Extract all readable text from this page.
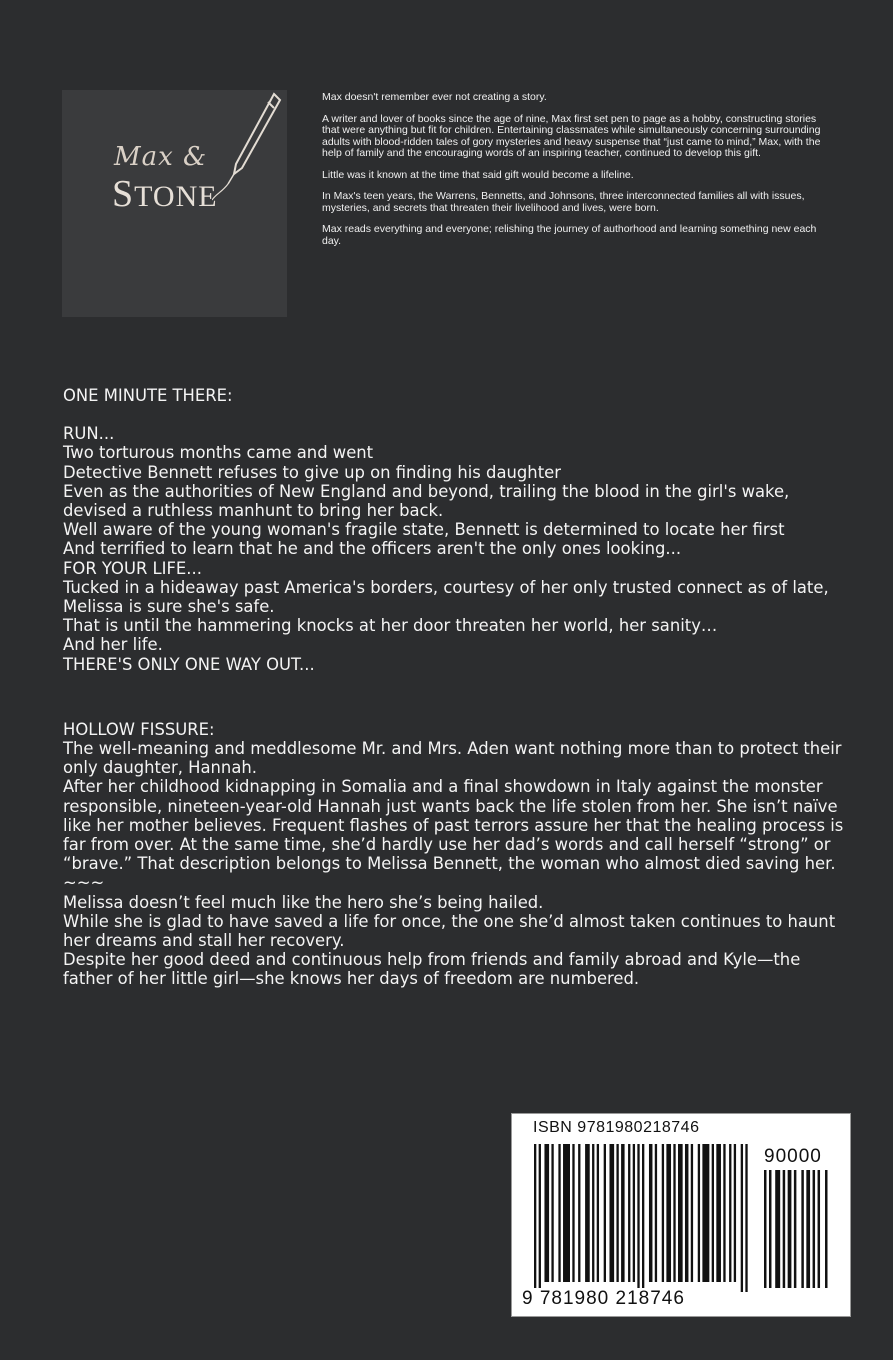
Max &
STONE

Max doesn't remember ever not creating a story.

A writer and lover of books since the age of nine, Max first set pen to page as a hobby, constructing stories that were anything but fit for children. Entertaining classmates while simultaneously concerning surrounding adults with blood-ridden tales of gory mysteries and heavy suspense that “just came to mind,” Max, with the help of family and the encouraging words of an inspiring teacher, continued to develop this gift.

Little was it known at the time that said gift would become a lifeline.

In Max's teen years, the Warrens, Bennetts, and Johnsons, three interconnected families all with issues, mysteries, and secrets that threaten their livelihood and lives, were born.

Max reads everything and everyone; relishing the journey of authorhood and learning something new each day.

ONE MINUTE THERE:
RUN...
Two torturous months came and went
Detective Bennett refuses to give up on finding his daughter
Even as the authorities of New England and beyond, trailing the blood in the girl's wake, devised a ruthless manhunt to bring her back.
Well aware of the young woman's fragile state, Bennett is determined to locate her first
And terrified to learn that he and the officers aren't the only ones looking...
FOR YOUR LIFE...
Tucked in a hideaway past America's borders, courtesy of her only trusted connect as of late, Melissa is sure she's safe.
That is until the hammering knocks at her door threaten her world, her sanity…
And her life.
THERE'S ONLY ONE WAY OUT...
HOLLOW FISSURE:
The well-meaning and meddlesome Mr. and Mrs. Aden want nothing more than to protect their only daughter, Hannah.
After her childhood kidnapping in Somalia and a final showdown in Italy against the monster responsible, nineteen-year-old Hannah just wants back the life stolen from her. She isn’t naïve like her mother believes. Frequent flashes of past terrors assure her that the healing process is far from over. At the same time, she’d hardly use her dad’s words and call herself “strong” or “brave.” That description belongs to Melissa Bennett, the woman who almost died saving her.
~~~
Melissa doesn’t feel much like the hero she’s being hailed.
While she is glad to have saved a life for once, the one she’d almost taken continues to haunt her dreams and stall her recovery.
Despite her good deed and continuous help from friends and family abroad and Kyle—the father of her little girl—she knows her days of freedom are numbered.
ISBN 9781980218746
90000
9 781980 218746
